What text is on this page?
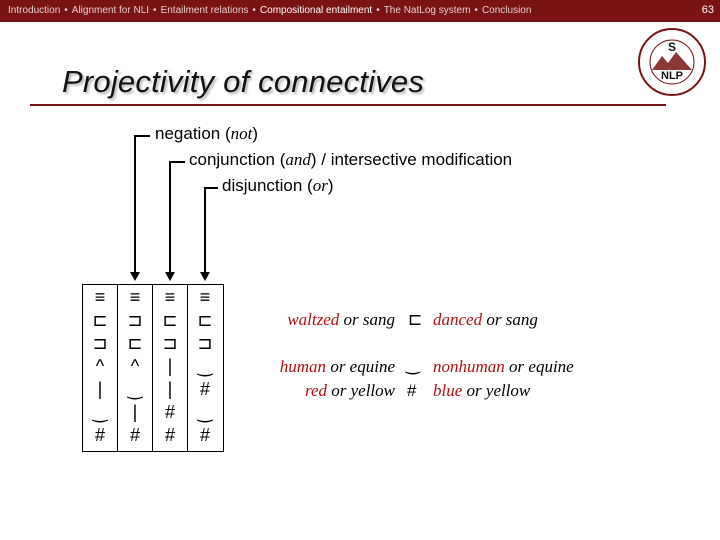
Introduction • Alignment for NLI • Entailment relations • Compositional entailment • The NatLog system • Conclusion	63
S
NLP
Projectivity of connectives
negation (not)
conjunction (and) / intersective modification
disjunction (or)
≡
⊏
⊐
^
|
‿
#
≡
⊐
⊏
^
‿
|
#
≡
⊏
⊐
|
|
#
#
≡
⊏
⊐
‿
#
‿
#
waltzed or sang ⊏ danced or sang
human or equine ‿ nonhuman or equine
red or yellow # blue or yellow
